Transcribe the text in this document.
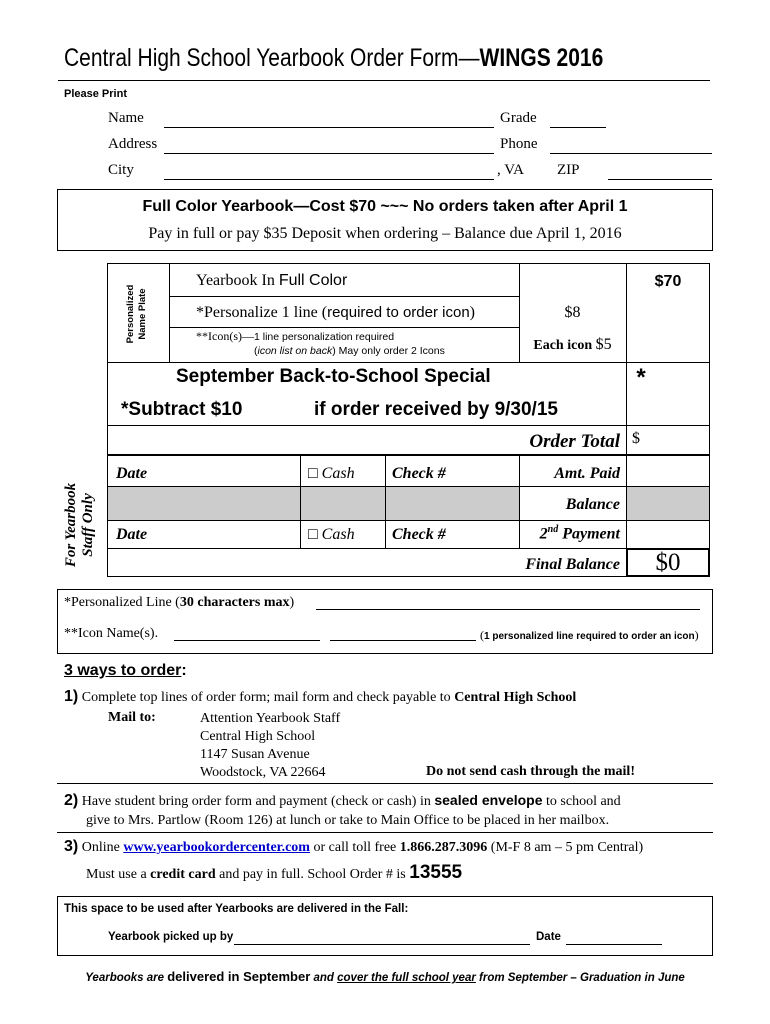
Central High School Yearbook Order Form—WINGS 2016
Please Print
Name	Grade
Address	Phone
City	, VA ZIP
Full Color Yearbook—Cost $70 ~~~ No orders taken after April 1
Pay in full or pay $35 Deposit when ordering – Balance due April 1, 2016
Personalized Name Plate
Yearbook In Full Color	$70
*Personalize 1 line (required to order icon)	$8
**Icon(s)—1 line personalization required
(icon list on back) May only order 2 Icons	Each icon $5
September Back-to-School Special	*
*Subtract $10	if order received by 9/30/15
Order Total $
For Yearbook Staff Only
Date	□ Cash Check #	Amt. Paid
Balance
Date	□ Cash Check #	2nd Payment
Final Balance	$0
*Personalized Line (30 characters max)
**Icon Name(s).	(1 personalized line required to order an icon)
3 ways to order:
1) Complete top lines of order form; mail form and check payable to Central High School
Mail to:	Attention Yearbook Staff
Central High School
1147 Susan Avenue
Woodstock, VA 22664	Do not send cash through the mail!
2) Have student bring order form and payment (check or cash) in sealed envelope to school and
give to Mrs. Partlow (Room 126) at lunch or take to Main Office to be placed in her mailbox.
3) Online www.yearbookordercenter.com or call toll free 1.866.287.3096 (M-F 8 am – 5 pm Central)
Must use a credit card and pay in full. School Order # is 13555
This space to be used after Yearbooks are delivered in the Fall:
Yearbook picked up by	Date
Yearbooks are delivered in September and cover the full school year from September – Graduation in June
